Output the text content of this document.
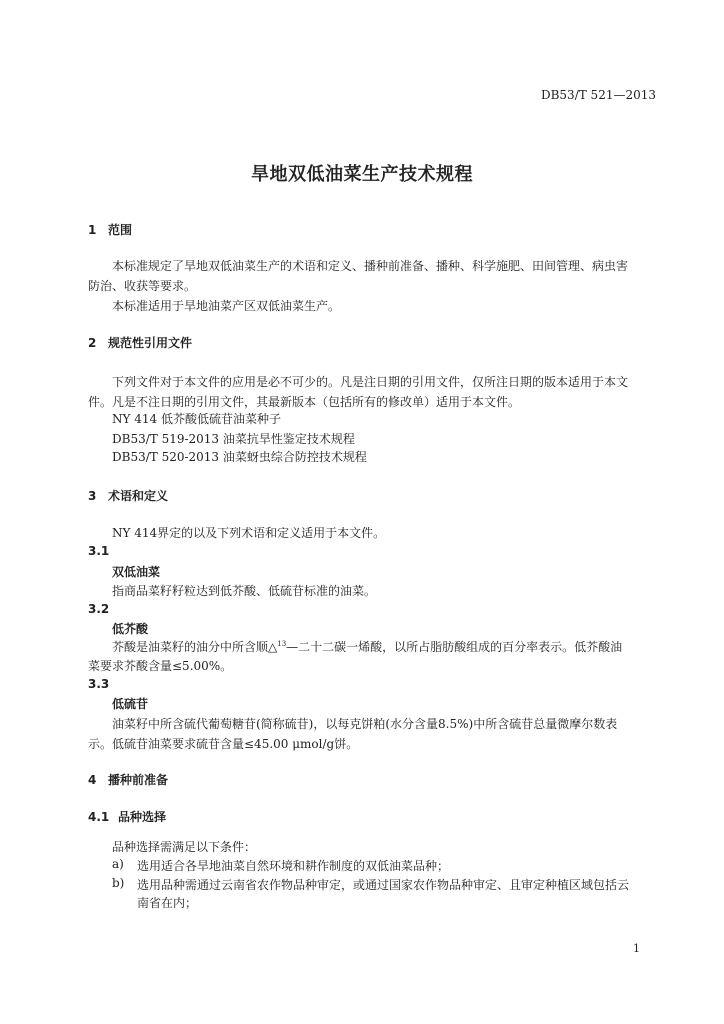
DB53/T 521—2013
旱地双低油菜生产技术规程
1 范围
本标准规定了旱地双低油菜生产的术语和定义、播种前准备、播种、科学施肥、田间管理、病虫害
防治、收获等要求。
本标准适用于旱地油菜产区双低油菜生产。
2 规范性引用文件
下列文件对于本文件的应用是必不可少的。凡是注日期的引用文件，仅所注日期的版本适用于本文
件。凡是不注日期的引用文件，其最新版本（包括所有的修改单）适用于本文件。
NY 414 低芥酸低硫苷油菜种子
DB53/T 519-2013 油菜抗旱性鉴定技术规程
DB53/T 520-2013 油菜蚜虫综合防控技术规程
3 术语和定义
NY 414界定的以及下列术语和定义适用于本文件。
3.1
双低油菜
指商品菜籽籽粒达到低芥酸、低硫苷标准的油菜。
3.2
低芥酸
芥酸是油菜籽的油分中所含顺△$^{13}$—二十二碳一烯酸，以所占脂肪酸组成的百分率表示。低芥酸油
菜要求芥酸含量≤5.00%。
3.3
低硫苷
油菜籽中所含硫代葡萄糖苷(简称硫苷)，以每克饼粕(水分含量8.5%)中所含硫苷总量微摩尔数表
示。低硫苷油菜要求硫苷含量≤45.00 μmol/g饼。
4 播种前准备
4.1 品种选择
品种选择需满足以下条件：
a) 选用适合各旱地油菜自然环境和耕作制度的双低油菜品种；
b) 选用品种需通过云南省农作物品种审定，或通过国家农作物品种审定、且审定种植区域包括云
南省在内；
1
